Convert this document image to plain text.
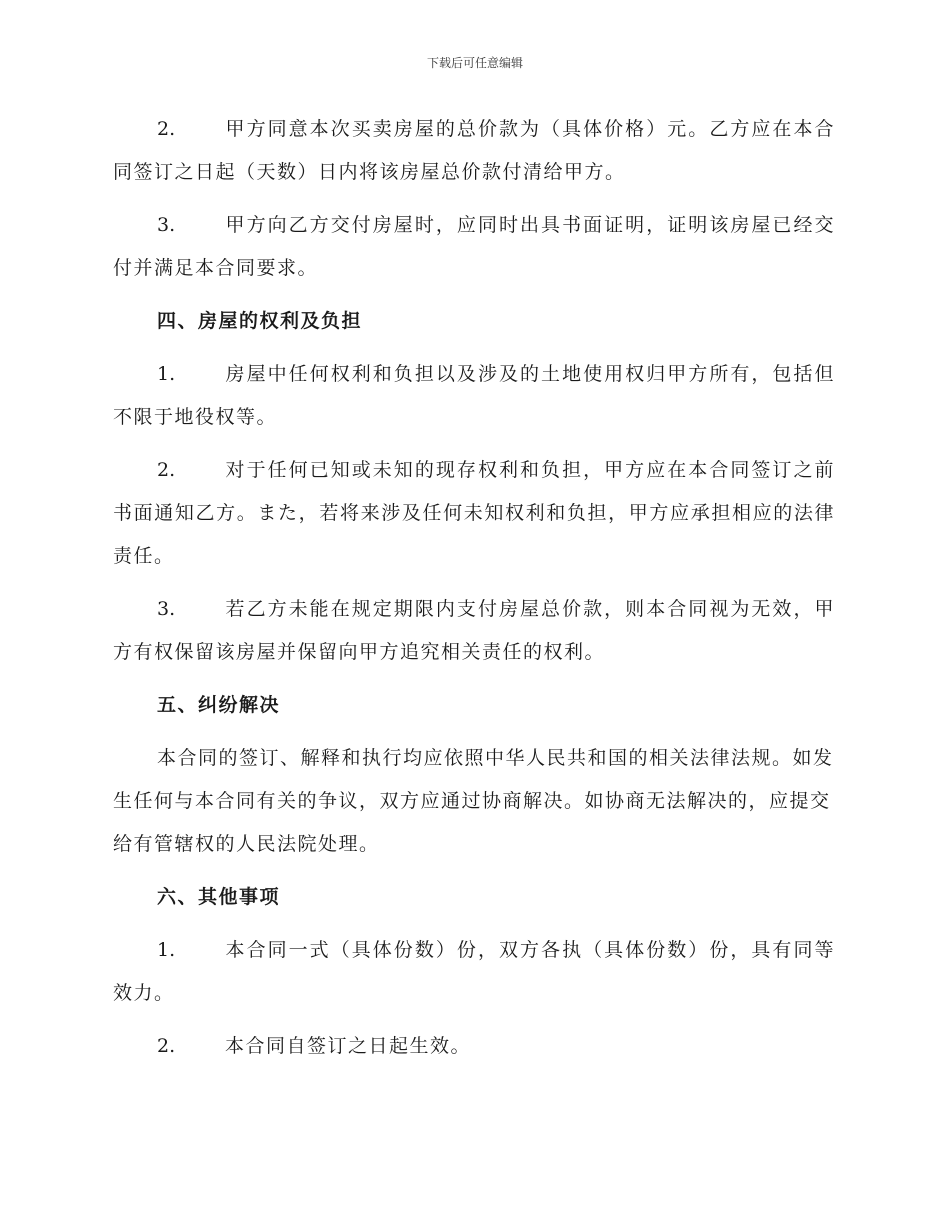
下载后可任意编辑

2.	甲方同意本次买卖房屋的总价款为（具体价格）元。乙方应在本合同签订之日起（天数）日内将该房屋总价款付清给甲方。

3.	甲方向乙方交付房屋时，应同时出具书面证明，证明该房屋已经交付并满足本合同要求。

四、房屋的权利及负担

1.	房屋中任何权利和负担以及涉及的土地使用权归甲方所有，包括但不限于地役权等。

2.	对于任何已知或未知的现存权利和负担，甲方应在本合同签订之前书面通知乙方。また，若将来涉及任何未知权利和负担，甲方应承担相应的法律责任。

3.	若乙方未能在规定期限内支付房屋总价款，则本合同视为无效，甲方有权保留该房屋并保留向甲方追究相关责任的权利。

五、纠纷解决

本合同的签订、解释和执行均应依照中华人民共和国的相关法律法规。如发生任何与本合同有关的争议，双方应通过协商解决。如协商无法解决的，应提交给有管辖权的人民法院处理。

六、其他事项

1.	本合同一式（具体份数）份，双方各执（具体份数）份，具有同等效力。

2.	本合同自签订之日起生效。
